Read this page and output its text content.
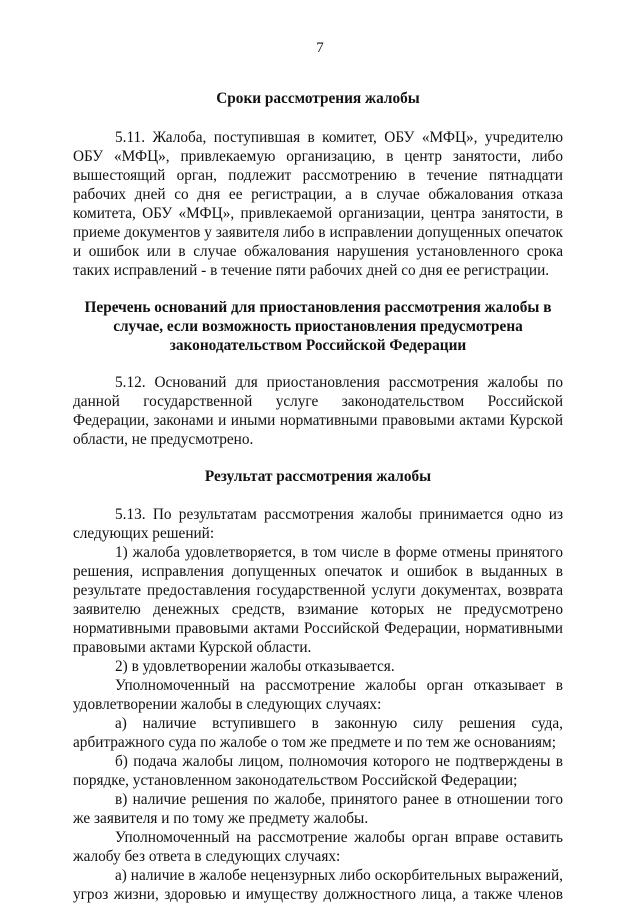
7
Сроки рассмотрения жалобы

5.11. Жалоба, поступившая в комитет, ОБУ «МФЦ», учредителю ОБУ «МФЦ», привлекаемую организацию, в центр занятости, либо вышестоящий орган, подлежит рассмотрению в течение пятнадцати рабочих дней со дня ее регистрации, а в случае обжалования отказа комитета, ОБУ «МФЦ», привлекаемой организации, центра занятости, в приеме документов у заявителя либо в исправлении допущенных опечаток и ошибок или в случае обжалования нарушения установленного срока таких исправлений - в течение пяти рабочих дней со дня ее регистрации.

Перечень оснований для приостановления рассмотрения жалобы в
случае, если возможность приостановления предусмотрена
законодательством Российской Федерации

5.12. Оснований для приостановления рассмотрения жалобы по данной государственной услуге законодательством Российской Федерации, законами и иными нормативными правовыми актами Курской области, не предусмотрено.

Результат рассмотрения жалобы

5.13. По результатам рассмотрения жалобы принимается одно из следующих решений:

1) жалоба удовлетворяется, в том числе в форме отмены принятого решения, исправления допущенных опечаток и ошибок в выданных в результате предоставления государственной услуги документах, возврата заявителю денежных средств, взимание которых не предусмотрено нормативными правовыми актами Российской Федерации, нормативными правовыми актами Курской области.

2) в удовлетворении жалобы отказывается.

Уполномоченный на рассмотрение жалобы орган отказывает в удовлетворении жалобы в следующих случаях:

а) наличие вступившего в законную силу решения суда, арбитражного суда по жалобе о том же предмете и по тем же основаниям;

б) подача жалобы лицом, полномочия которого не подтверждены в порядке, установленном законодательством Российской Федерации;

в) наличие решения по жалобе, принятого ранее в отношении того же заявителя и по тому же предмету жалобы.

Уполномоченный на рассмотрение жалобы орган вправе оставить жалобу без ответа в следующих случаях:

а) наличие в жалобе нецензурных либо оскорбительных выражений, угроз жизни, здоровью и имуществу должностного лица, а также членов
